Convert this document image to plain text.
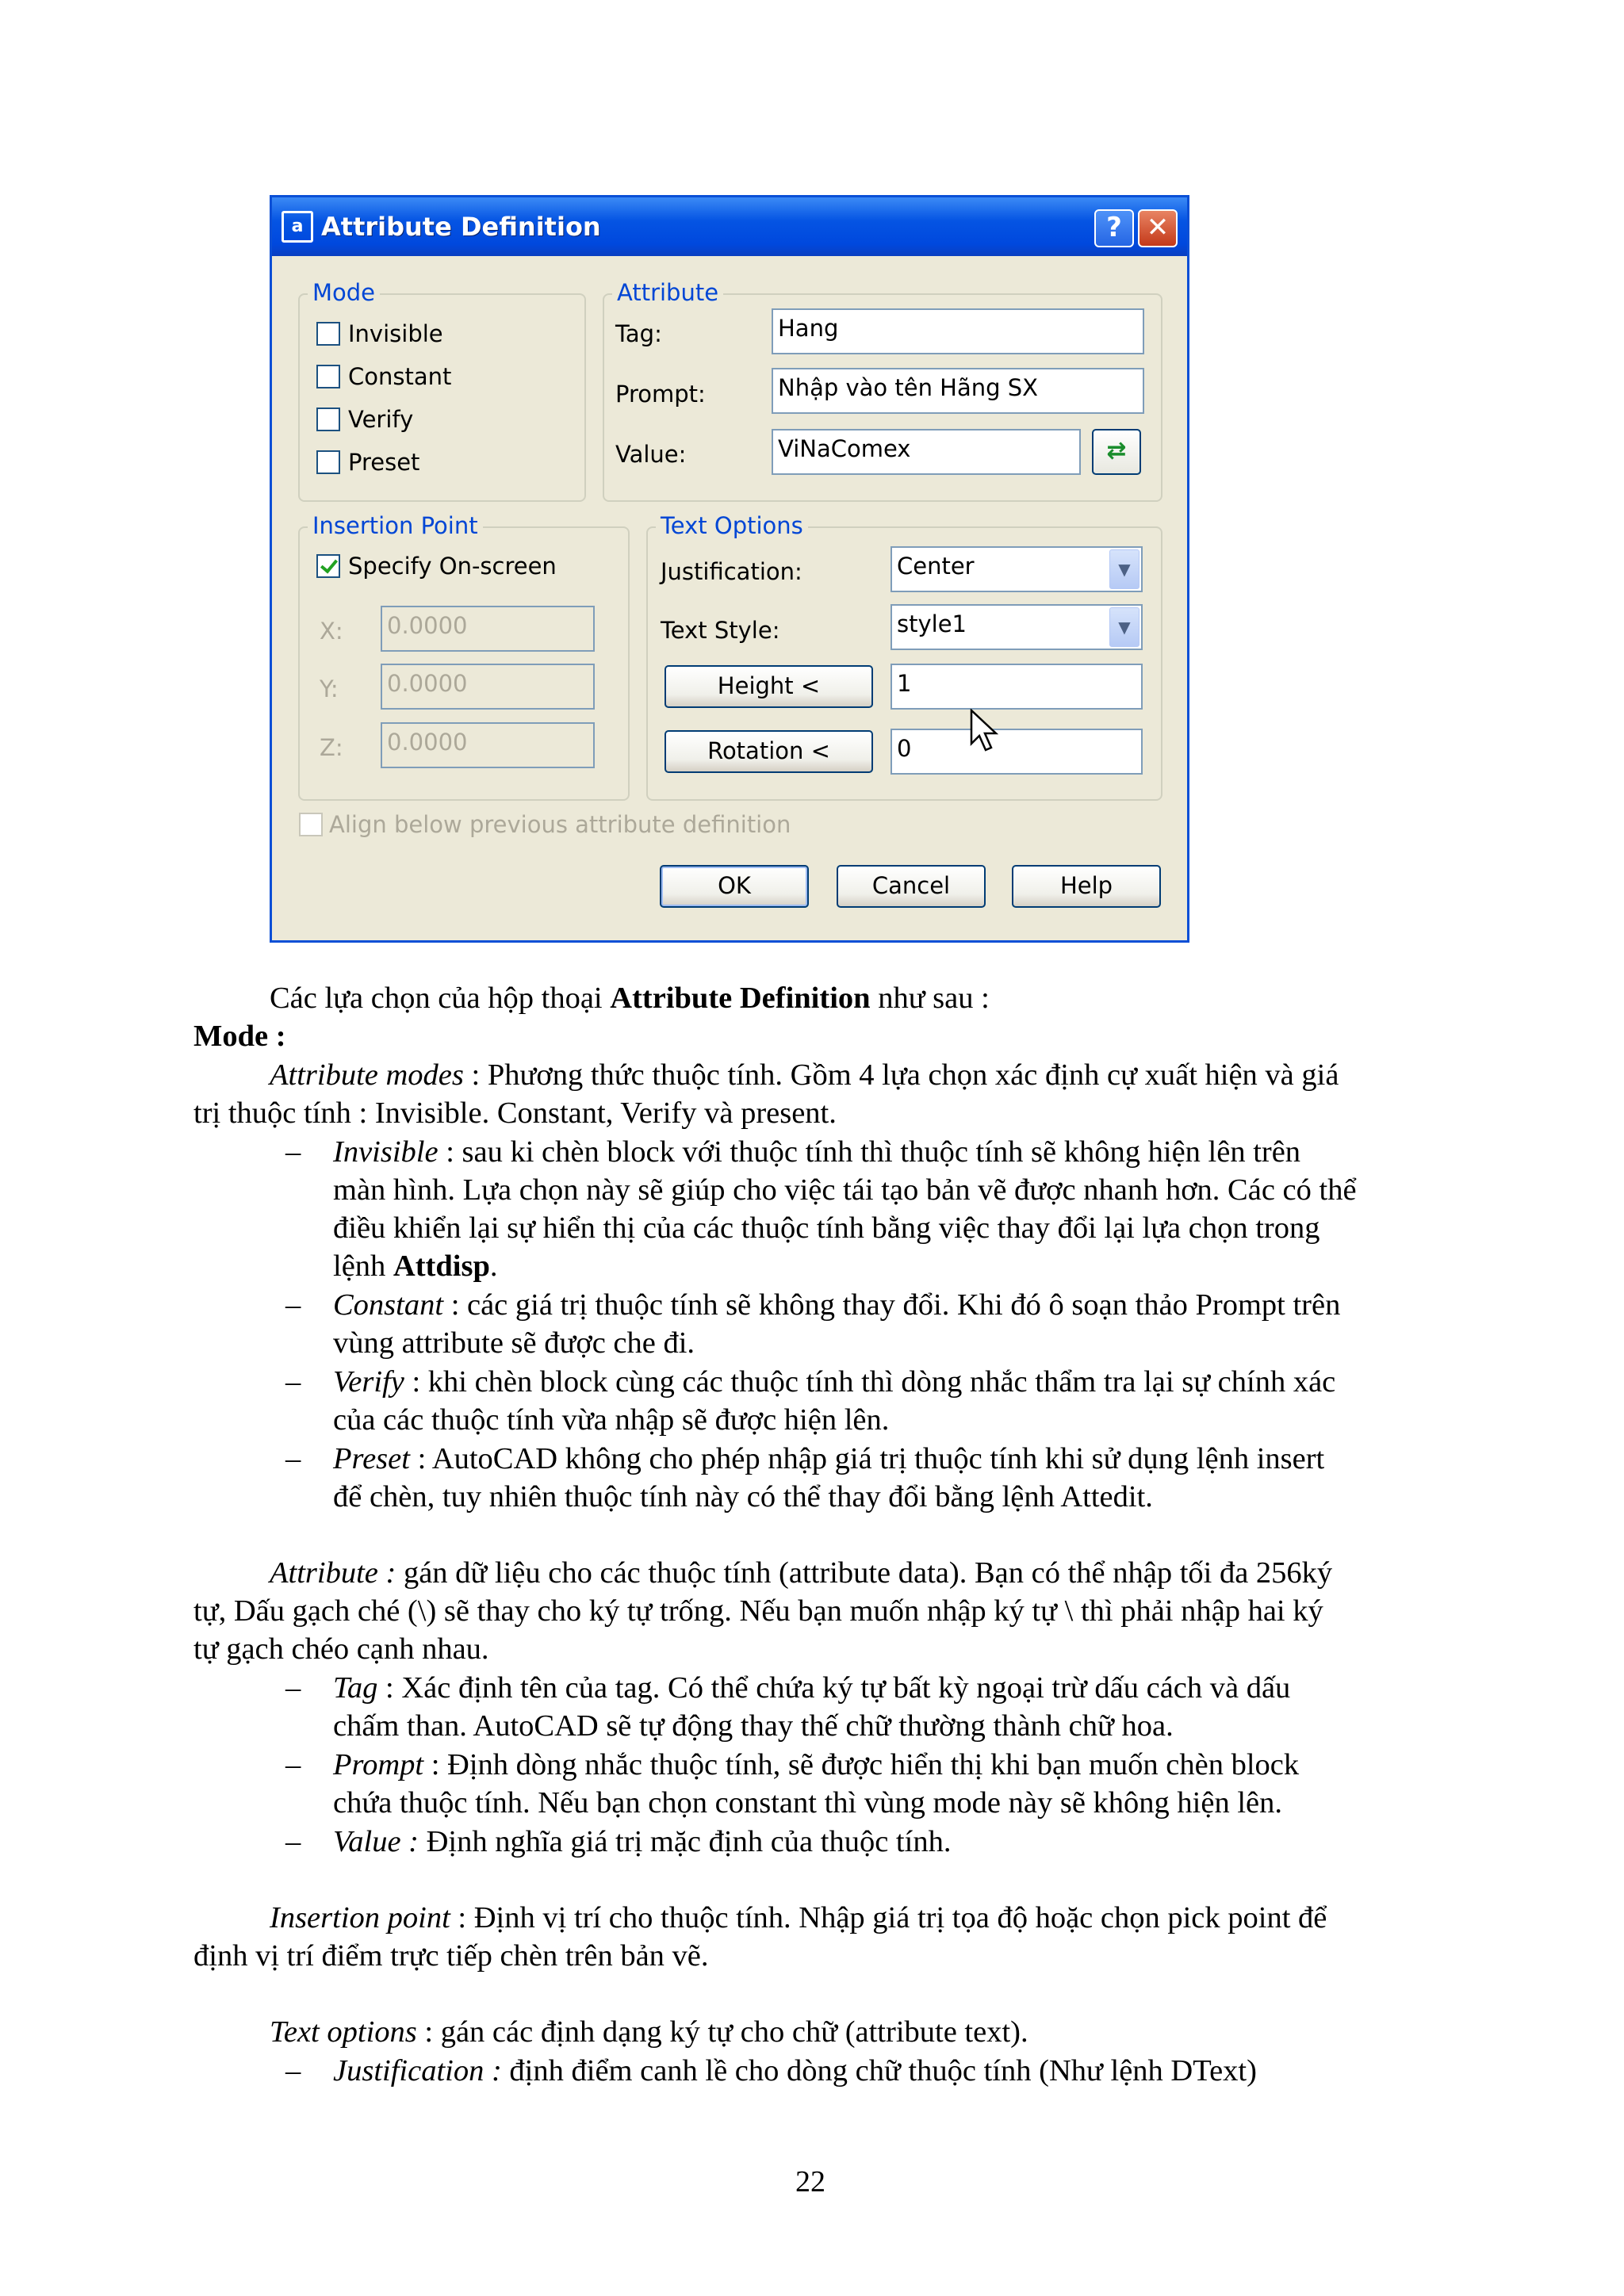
a Attribute Definition	? ✕
Mode
Invisible
Constant
Verify
Preset
Attribute
Tag:	Hang
Prompt:	Nhập vào tên Hãng SX
Value:	ViNaComex	⇄
Insertion Point
Specify On-screen
X: 0.0000
Y: 0.0000
Z: 0.0000
Text Options
Justification:	Center	▼
Text Style:	style1	▼
Height <	1
Rotation <	0
Align below previous attribute definition
OK	Cancel	Help
Các lựa chọn của hộp thoại Attribute Definition như sau :
Mode :
Attribute modes : Phương thức thuộc tính. Gồm 4 lựa chọn xác định cự xuất hiện và giá
trị thuộc tính : Invisible. Constant, Verify và present.
– Invisible : sau ki chèn block với thuộc tính thì thuộc tính sẽ không hiện lên trên
màn hình. Lựa chọn này sẽ giúp cho việc tái tạo bản vẽ được nhanh hơn. Các có thể
điều khiển lại sự hiển thị của các thuộc tính bằng việc thay đổi lại lựa chọn trong
lệnh Attdisp.
– Constant : các giá trị thuộc tính sẽ không thay đổi. Khi đó ô soạn thảo Prompt trên
vùng attribute sẽ được che đi.
– Verify : khi chèn block cùng các thuộc tính thì dòng nhắc thẩm tra lại sự chính xác
của các thuộc tính vừa nhập sẽ được hiện lên.
– Preset : AutoCAD không cho phép nhập giá trị thuộc tính khi sử dụng lệnh insert
để chèn, tuy nhiên thuộc tính này có thể thay đổi bằng lệnh Attedit.
Attribute : gán dữ liệu cho các thuộc tính (attribute data). Bạn có thể nhập tối đa 256ký
tự, Dấu gạch ché (\) sẽ thay cho ký tự trống. Nếu bạn muốn nhập ký tự \ thì phải nhập hai ký
tự gạch chéo cạnh nhau.
– Tag : Xác định tên của tag. Có thể chứa ký tự bất kỳ ngoại trừ dấu cách và dấu
chấm than. AutoCAD sẽ tự động thay thế chữ thường thành chữ hoa.
– Prompt : Định dòng nhắc thuộc tính, sẽ được hiển thị khi bạn muốn chèn block
chứa thuộc tính. Nếu bạn chọn constant thì vùng mode này sẽ không hiện lên.
– Value : Định nghĩa giá trị mặc định của thuộc tính.
Insertion point : Định vị trí cho thuộc tính. Nhập giá trị tọa độ hoặc chọn pick point để
định vị trí điểm trực tiếp chèn trên bản vẽ.
Text options : gán các định dạng ký tự cho chữ (attribute text).
– Justification : định điểm canh lề cho dòng chữ thuộc tính (Như lệnh DText)
22
